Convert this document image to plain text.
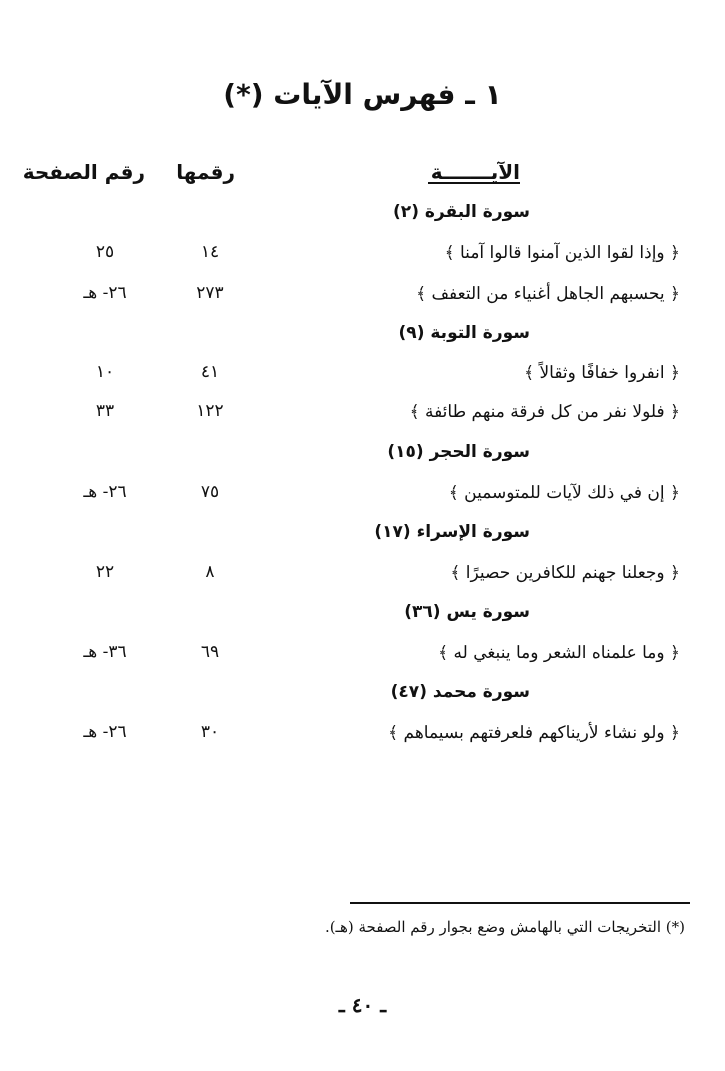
١ ـ فهرس الآيات (*)
الآيـــــــة
رقمها
رقم الصفحة
سورة البقرة (٢)
﴿ وإذا لقوا الذين آمنوا قالوا آمنا ﴾
١٤
٢٥
﴿ يحسبهم الجاهل أغنياء من التعفف ﴾
٢٧٣
٢٦- هـ
سورة التوبة (٩)
﴿ انفروا خفافًا وثقالاً ﴾
٤١
١٠
﴿ فلولا نفر من كل فرقة منهم طائفة ﴾
١٢٢
٣٣
سورة الحجر (١٥)
﴿ إن في ذلك لآيات للمتوسمين ﴾
٧٥
٢٦- هـ
سورة الإسراء (١٧)
﴿ وجعلنا جهنم للكافرين حصيرًا ﴾
٨
٢٢
سورة يس (٣٦)
﴿ وما علمناه الشعر وما ينبغي له ﴾
٦٩
٣٦- هـ
سورة محمد (٤٧)
﴿ ولو نشاء لأريناكهم فلعرفتهم بسيماهم ﴾
٣٠
٢٦- هـ
(*) التخريجات التي بالهامش وضع بجوار رقم الصفحة (هـ).
ـ ٤٠ ـ
